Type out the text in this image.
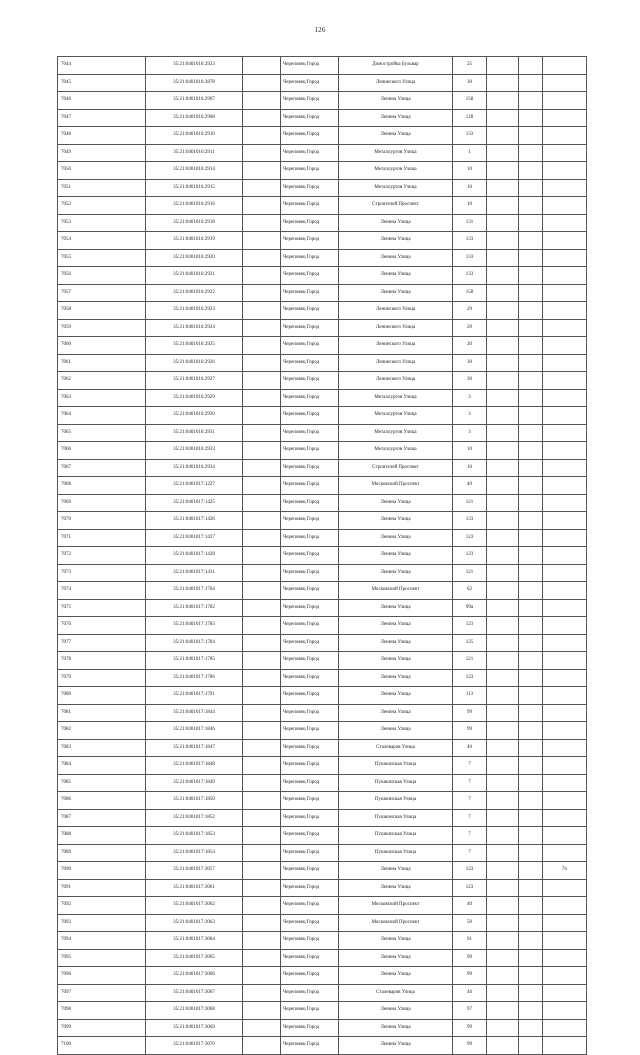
126
7044	35:21:0401016:2923		Череповец Город	Домостройка Бульвар	25			
7045	35:21:0401016:2878		Череповец Город	Ленинского Улица	30			
7046	35:21:0401016:2907		Череповец Город	Ленина Улица	158			
7047	35:21:0401016:2908		Череповец Город	Ленина Улица	128			
7048	35:21:0401016:2910		Череповец Город	Ленина Улица	133			
7049	35:21:0401016:2911		Череповец Город	Металлургов Улица	1			
7050	35:21:0401016:2914		Череповец Город	Металлургов Улица	10			
7051	35:21:0401016:2915		Череповец Город	Металлургов Улица	10			
7052	35:21:0401016:2916		Череповец Город	Строителей Проспект	10			
7053	35:21:0401016:2918		Череповец Город	Ленина Улица	131			
7054	35:21:0401016:2919		Череповец Город	Ленина Улица	133			
7055	35:21:0401016:2920		Череповец Город	Ленина Улица	133			
7056	35:21:0401016:2921		Череповец Город	Ленина Улица	133			
7057	35:21:0401016:2922		Череповец Город	Ленина Улица	158			
7058	35:21:0401016:2923		Череповец Город	Ленинского Улица	29			
7059	35:21:0401016:2924		Череповец Город	Ленинского Улица	20			
7060	35:21:0401016:2925		Череповец Город	Ленинского Улица	20			
7061	35:21:0401016:2926		Череповец Город	Ленинского Улица	30			
7062	35:21:0401016:2927		Череповец Город	Ленинского Улица	30			
7063	35:21:0401016:2929		Череповец Город	Металлургов Улица	3			
7064	35:21:0401016:2930		Череповец Город	Металлургов Улица	3			
7065	35:21:0401016:2931		Череповец Город	Металлургов Улица	3			
7066	35:21:0401016:2933		Череповец Город	Металлургов Улица	10			
7067	35:21:0401016:2934		Череповец Город	Строителей Проспект	10			
7068	35:21:0401017:1227		Череповец Город	Московский Проспект	40			
7069	35:21:0401017:1425		Череповец Город	Ленина Улица	121			
7070	35:21:0401017:1426		Череповец Город	Ленина Улица	133			
7071	35:21:0401017:1427		Череповец Город	Ленина Улица	123			
7072	35:21:0401017:1428		Череповец Город	Ленина Улица	123			
7073	35:21:0401017:1431		Череповец Город	Ленина Улица	121			
7074	35:21:0401017:1764		Череповец Город	Московский Проспект	62			
7075	35:21:0401017:1782		Череповец Город	Ленина Улица	99а			
7076	35:21:0401017:1783		Череповец Город	Ленина Улица	123			
7077	35:21:0401017:1784		Череповец Город	Ленина Улица	125			
7078	35:21:0401017:1785		Череповец Город	Ленина Улица	121			
7079	35:21:0401017:1786		Череповец Город	Ленина Улица	123			
7080	35:21:0401017:1791		Череповец Город	Ленина Улица	113			
7081	35:21:0401017:1844		Череповец Город	Ленина Улица	99			
7082	35:21:0401017:1846		Череповец Город	Ленина Улица	99			
7083	35:21:0401017:1847		Череповец Город	Сталеваров Улица	40			
7084	35:21:0401017:1848		Череповец Город	Пушкинская Улица	7			
7085	35:21:0401017:1849		Череповец Город	Пушкинская Улица	7			
7086	35:21:0401017:1850		Череповец Город	Пушкинская Улица	7			
7087	35:21:0401017:1852		Череповец Город	Пушкинская Улица	7			
7088	35:21:0401017:1853		Череповец Город	Пушкинская Улица	7			
7089	35:21:0401017:1854		Череповец Город	Пушкинская Улица	7			
7090	35:21:0401017:3057		Череповец Город	Ленина Улица	123			7п
7091	35:21:0401017:3061		Череповец Город	Ленина Улица	123			
7092	35:21:0401017:3062		Череповец Город	Московский Проспект	40			
7093	35:21:0401017:3063		Череповец Город	Московский Проспект	50			
7094	35:21:0401017:3064		Череповец Город	Ленина Улица	91			
7095	35:21:0401017:3065		Череповец Город	Ленина Улица	99			
7096	35:21:0401017:3066		Череповец Город	Ленина Улица	99			
7097	35:21:0401017:3067		Череповец Город	Сталеваров Улица	46			
7098	35:21:0401017:3068		Череповец Город	Ленина Улица	97			
7099	35:21:0401017:3069		Череповец Город	Ленина Улица	99			
7100	35:21:0401017:3070		Череповец Город	Ленина Улица	99			
